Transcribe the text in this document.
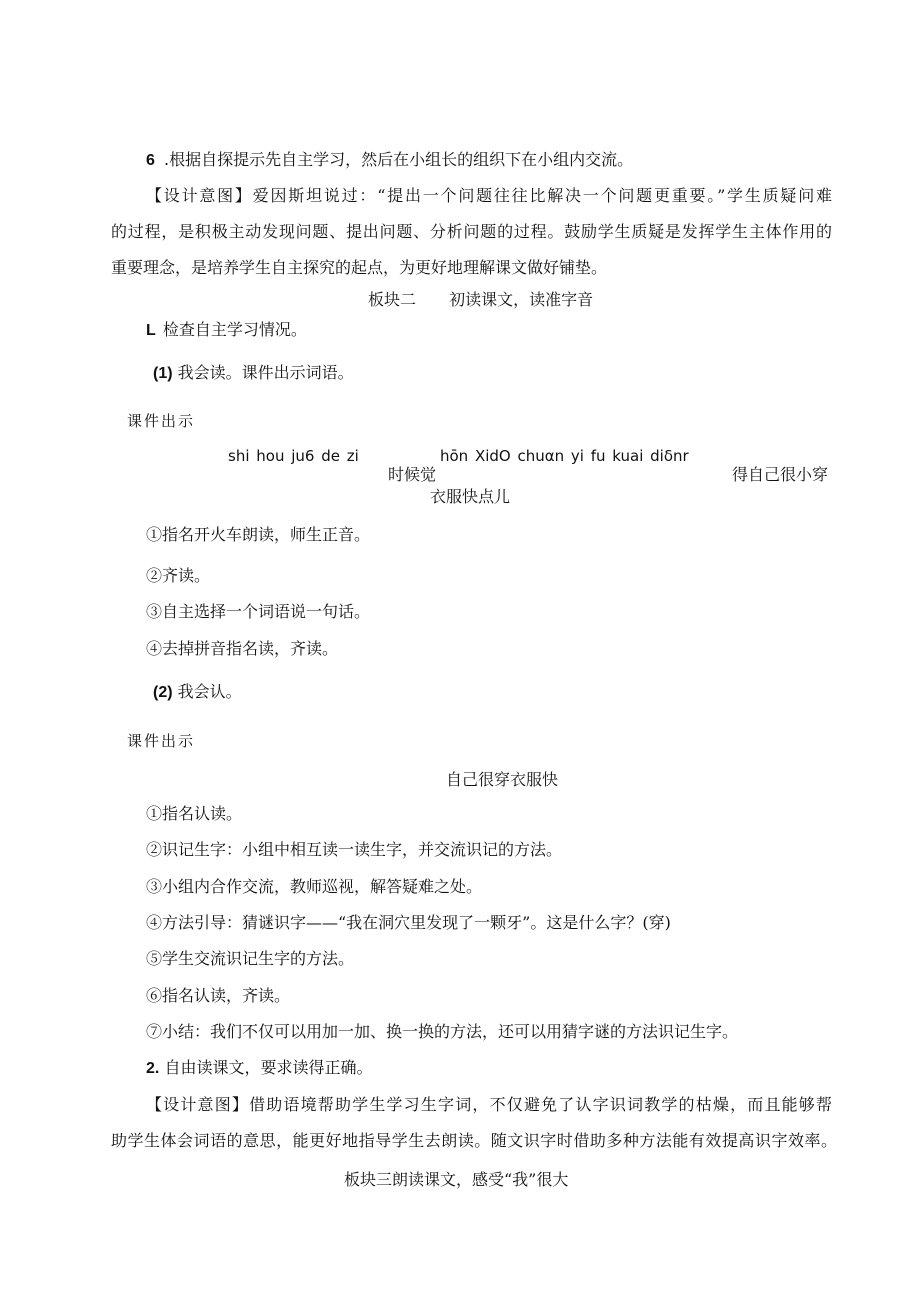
6 .根据自探提示先自主学习，然后在小组长的组织下在小组内交流。
【设计意图】爱因斯坦说过：“提出一个问题往往比解决一个问题更重要。”学生质疑问难
的过程，是积极主动发现问题、提出问题、分析问题的过程。鼓励学生质疑是发挥学生主体作用的
重要理念，是培养学生自主探究的起点，为更好地理解课文做好铺垫。
板块二 初读课文，读准字音
L 检查自主学习情况。
(1) 我会读。课件出示词语。
课件出示
shi hou ju6 de zi	hōn XidO chuαn yi fu kuai diδnr
时候觉	得自己很小穿
衣服快点儿
①指名开火车朗读，师生正音。
②齐读。
③自主选择一个词语说一句话。
④去掉拼音指名读，齐读。
(2) 我会认。
课件出示
自己很穿衣服快
①指名认读。
②识记生字：小组中相互读一读生字，并交流识记的方法。
③小组内合作交流，教师巡视，解答疑难之处。
④方法引导：猜谜识字——“我在洞穴里发现了一颗牙”。这是什么字？(穿)
⑤学生交流识记生字的方法。
⑥指名认读，齐读。
⑦小结：我们不仅可以用加一加、换一换的方法，还可以用猜字谜的方法识记生字。
2. 自由读课文，要求读得正确。
【设计意图】借助语境帮助学生学习生字词，不仅避免了认字识词教学的枯燥，而且能够帮
助学生体会词语的意思，能更好地指导学生去朗读。随文识字时借助多种方法能有效提高识字效率。
板块三朗读课文，感受“我”很大
